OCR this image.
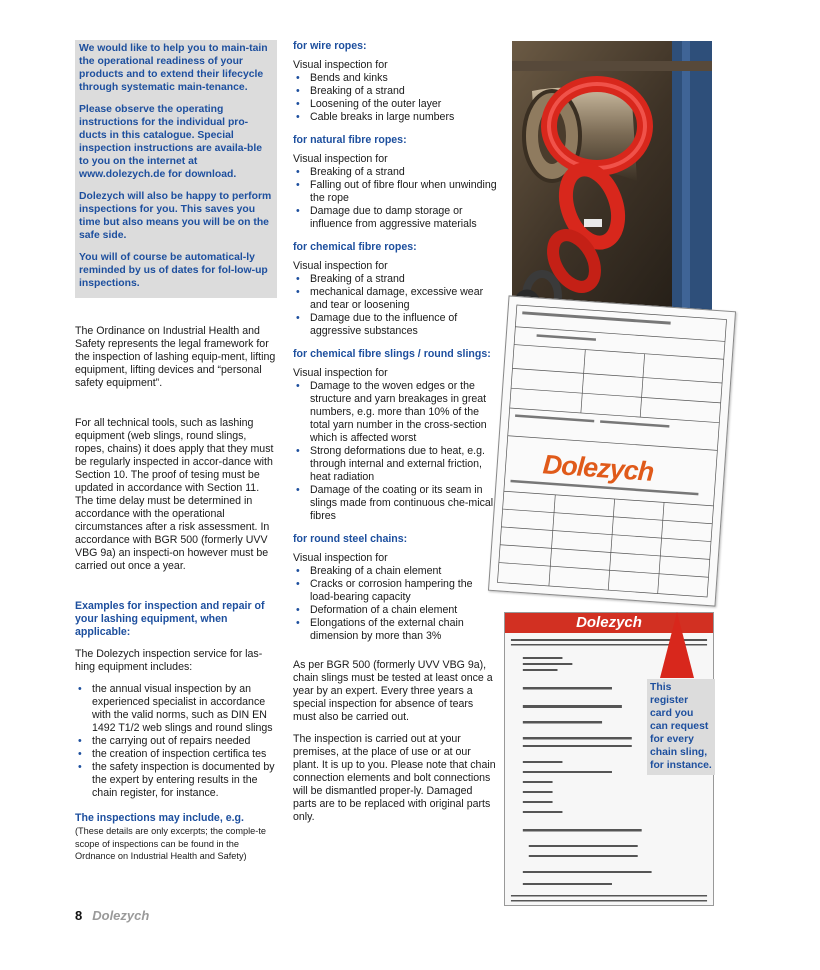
We would like to help you to main-tain the operational readiness of your products and to extend their lifecycle through systematic main-tenance.

Please observe the operating instructions for the individual pro-ducts in this catalogue. Special inspection instructions are availa-ble to you on the internet at www.dolezych.de for download.

Dolezych will also be happy to perform inspections for you. This saves you time but also means you will be on the safe side.

You will of course be automatical-ly reminded by us of dates for fol-low-up inspections.

The Ordinance on Industrial Health and Safety represents the legal framework for the inspection of lashing equip-ment, lifting equipment, lifting devices and “personal safety equipment”.

For all technical tools, such as lashing equipment (web slings, round slings, ropes, chains) it does apply that they must be regularly inspected in accor-dance with Section 10. The proof of tesing must be updated in accordance with Section 11. The time delay must be determined in accordance with the operational circumstances after a risk assessment. In accordance with BGR 500 (formerly UVV VBG 9a) an inspecti-on however must be carried out once a year.

Examples for inspection and repair of your lashing equipment, when applicable:

The Dolezych inspection service for las-hing equipment includes:

• the annual visual inspection by an experienced specialist in accordance with the valid norms, such as DIN EN 1492 T1/2 web slings and round slings
• the carrying out of repairs needed
• the creation of inspection certifica tes
• the safety inspection is documented by the expert by entering results in the chain register, for instance.

The inspections may include, e.g.

(These details are only excerpts; the comple-te scope of inspections can be found in the Ordnance on Industrial Health and Safety)

for wire ropes:

Visual inspection for

• Bends and kinks
• Breaking of a strand
• Loosening of the outer layer
• Cable breaks in large numbers

for natural fibre ropes:

Visual inspection for

• Breaking of a strand
• Falling out of fibre flour when unwinding the rope
• Damage due to damp storage or influence from aggressive materials

for chemical fibre ropes:

Visual inspection for

• Breaking of a strand
• mechanical damage, excessive wear and tear or loosening
• Damage due to the influence of aggressive substances

for chemical fibre slings / round slings:

Visual inspection for

• Damage to the woven edges or the structure and yarn breakages in great numbers, e.g. more than 10% of the total yarn number in the cross-section which is affected worst
• Strong deformations due to heat, e.g. through internal and external friction, heat radiation
• Damage of the coating or its seam in slings made from continuous che-mical fibres

for round steel chains:

Visual inspection for

• Breaking of a chain element
• Cracks or corrosion hampering the load-bearing capacity
• Deformation of a chain element
• Elongations of the external chain dimension by more than 3%

As per BGR 500 (formerly UVV VBG 9a), chain slings must be tested at least once a year by an expert. Every three years a special inspection for absence of tears must also be carried out.

The inspection is carried out at your premises, at the place of use or at our plant. It is up to you. Please note that chain connection elements and bolt connections will be dismantled proper-ly. Damaged parts are to be replaced with original parts only.

Dolezych
Dolezych
This register card you can request for every chain sling, for instance.
8 Dolezych
